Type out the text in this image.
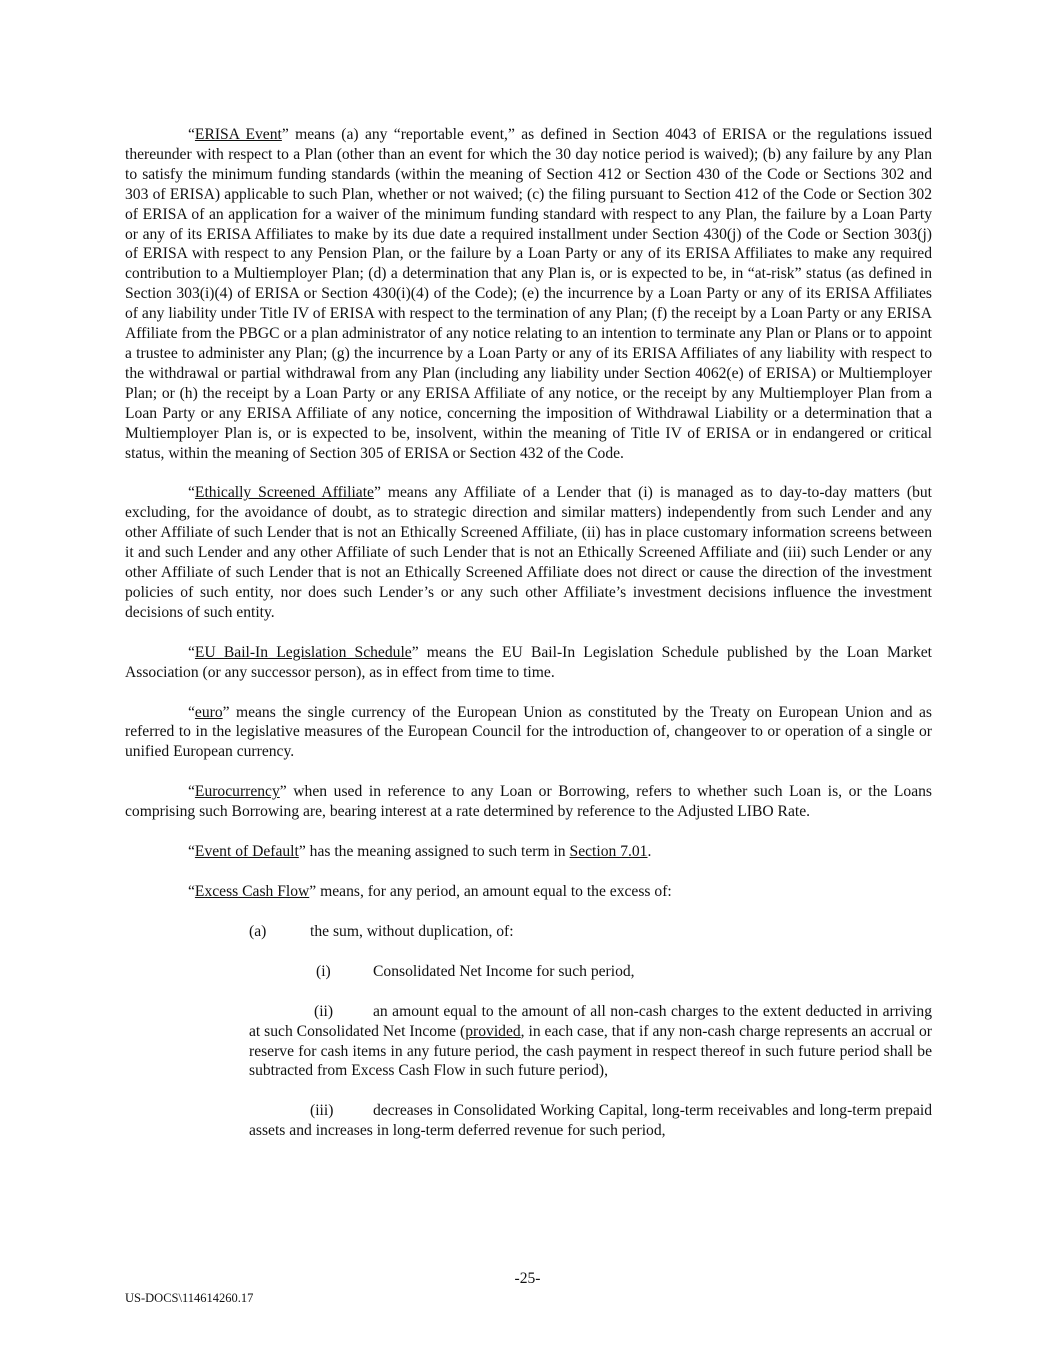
“ERISA Event” means (a) any “reportable event,” as defined in Section 4043 of ERISA or the regulations issued thereunder with respect to a Plan (other than an event for which the 30 day notice period is waived); (b) any failure by any Plan to satisfy the minimum funding standards (within the meaning of Section 412 or Section 430 of the Code or Sections 302 and 303 of ERISA) applicable to such Plan, whether or not waived; (c) the filing pursuant to Section 412 of the Code or Section 302 of ERISA of an application for a waiver of the minimum funding standard with respect to any Plan, the failure by a Loan Party or any of its ERISA Affiliates to make by its due date a required installment under Section 430(j) of the Code or Section 303(j) of ERISA with respect to any Pension Plan, or the failure by a Loan Party or any of its ERISA Affiliates to make any required contribution to a Multiemployer Plan; (d) a determination that any Plan is, or is expected to be, in “at-risk” status (as defined in Section 303(i)(4) of ERISA or Section 430(i)(4) of the Code); (e) the incurrence by a Loan Party or any of its ERISA Affiliates of any liability under Title IV of ERISA with respect to the termination of any Plan; (f) the receipt by a Loan Party or any ERISA Affiliate from the PBGC or a plan administrator of any notice relating to an intention to terminate any Plan or Plans or to appoint a trustee to administer any Plan; (g) the incurrence by a Loan Party or any of its ERISA Affiliates of any liability with respect to the withdrawal or partial withdrawal from any Plan (including any liability under Section 4062(e) of ERISA) or Multiemployer Plan; or (h) the receipt by a Loan Party or any ERISA Affiliate of any notice, or the receipt by any Multiemployer Plan from a Loan Party or any ERISA Affiliate of any notice, concerning the imposition of Withdrawal Liability or a determination that a Multiemployer Plan is, or is expected to be, insolvent, within the meaning of Title IV of ERISA or in endangered or critical status, within the meaning of Section 305 of ERISA or Section 432 of the Code.

“Ethically Screened Affiliate” means any Affiliate of a Lender that (i) is managed as to day-to-day matters (but excluding, for the avoidance of doubt, as to strategic direction and similar matters) independently from such Lender and any other Affiliate of such Lender that is not an Ethically Screened Affiliate, (ii) has in place customary information screens between it and such Lender and any other Affiliate of such Lender that is not an Ethically Screened Affiliate and (iii) such Lender or any other Affiliate of such Lender that is not an Ethically Screened Affiliate does not direct or cause the direction of the investment policies of such entity, nor does such Lender’s or any such other Affiliate’s investment decisions influence the investment decisions of such entity.

“EU Bail-In Legislation Schedule” means the EU Bail-In Legislation Schedule published by the Loan Market Association (or any successor person), as in effect from time to time.

“euro” means the single currency of the European Union as constituted by the Treaty on European Union and as referred to in the legislative measures of the European Council for the introduction of, changeover to or operation of a single or unified European currency.

“Eurocurrency” when used in reference to any Loan or Borrowing, refers to whether such Loan is, or the Loans comprising such Borrowing are, bearing interest at a rate determined by reference to the Adjusted LIBO Rate.

“Event of Default” has the meaning assigned to such term in Section 7.01.

“Excess Cash Flow” means, for any period, an amount equal to the excess of:

(a)	the sum, without duplication, of:
(i)	Consolidated Net Income for such period,

(ii)	an amount equal to the amount of all non-cash charges to the extent deducted in arriving at such Consolidated Net Income (provided, in each case, that if any non-cash charge represents an accrual or reserve for cash items in any future period, the cash payment in respect thereof in such future period shall be subtracted from Excess Cash Flow in such future period),

(iii)	decreases in Consolidated Working Capital, long-term receivables and long-term prepaid assets and increases in long-term deferred revenue for such period,

-25-
US-DOCS\114614260.17
